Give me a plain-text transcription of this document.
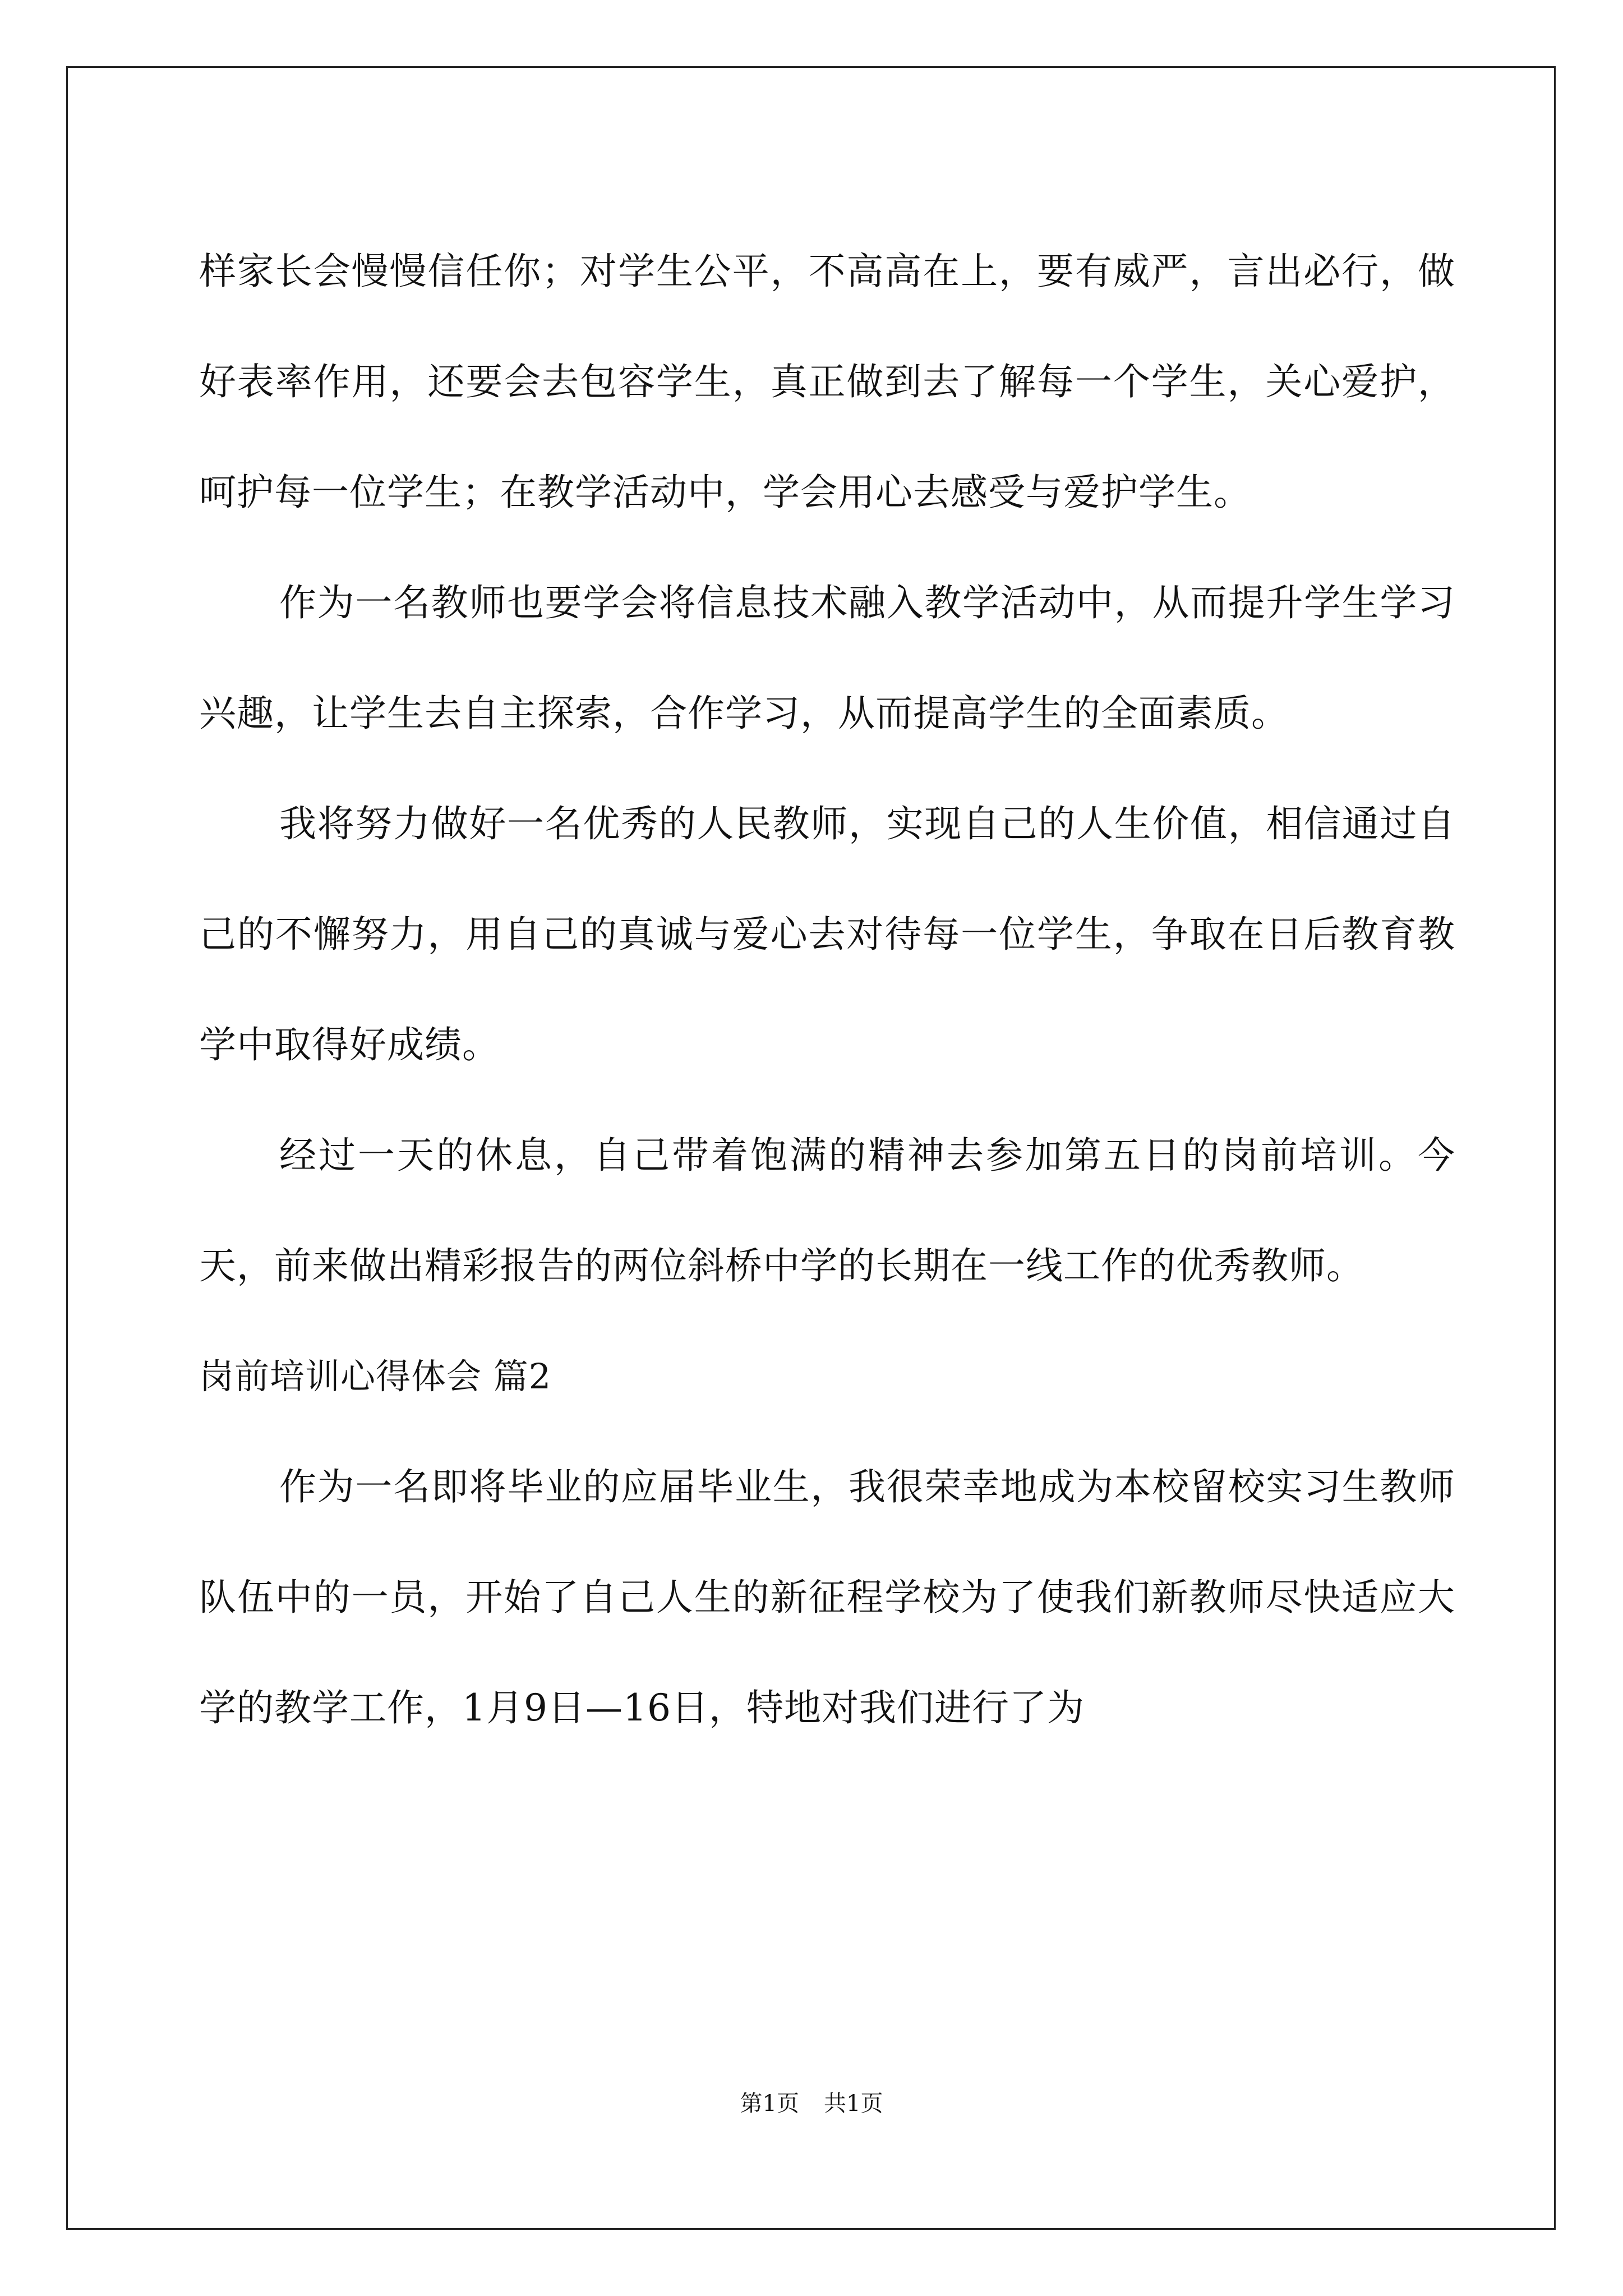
样家长会慢慢信任你；对学生公平，不高高在上，要有威严，言出必行，做好表率作用，还要会去包容学生，真正做到去了解每一个学生，关心爱护，呵护每一位学生；在教学活动中，学会用心去感受与爱护学生。

作为一名教师也要学会将信息技术融入教学活动中，从而提升学生学习兴趣，让学生去自主探索，合作学习，从而提高学生的全面素质。

我将努力做好一名优秀的人民教师，实现自己的人生价值，相信通过自己的不懈努力，用自己的真诚与爱心去对待每一位学生，争取在日后教育教学中取得好成绩。

经过一天的休息，自己带着饱满的精神去参加第五日的岗前培训。今天，前来做出精彩报告的两位斜桥中学的长期在一线工作的优秀教师。

岗前培训心得体会 篇2

作为一名即将毕业的应届毕业生，我很荣幸地成为本校留校实习生教师队伍中的一员，开始了自己人生的新征程学校为了使我们新教师尽快适应大学的教学工作，1月9日—16日，特地对我们进行了为

第1页 共1页
